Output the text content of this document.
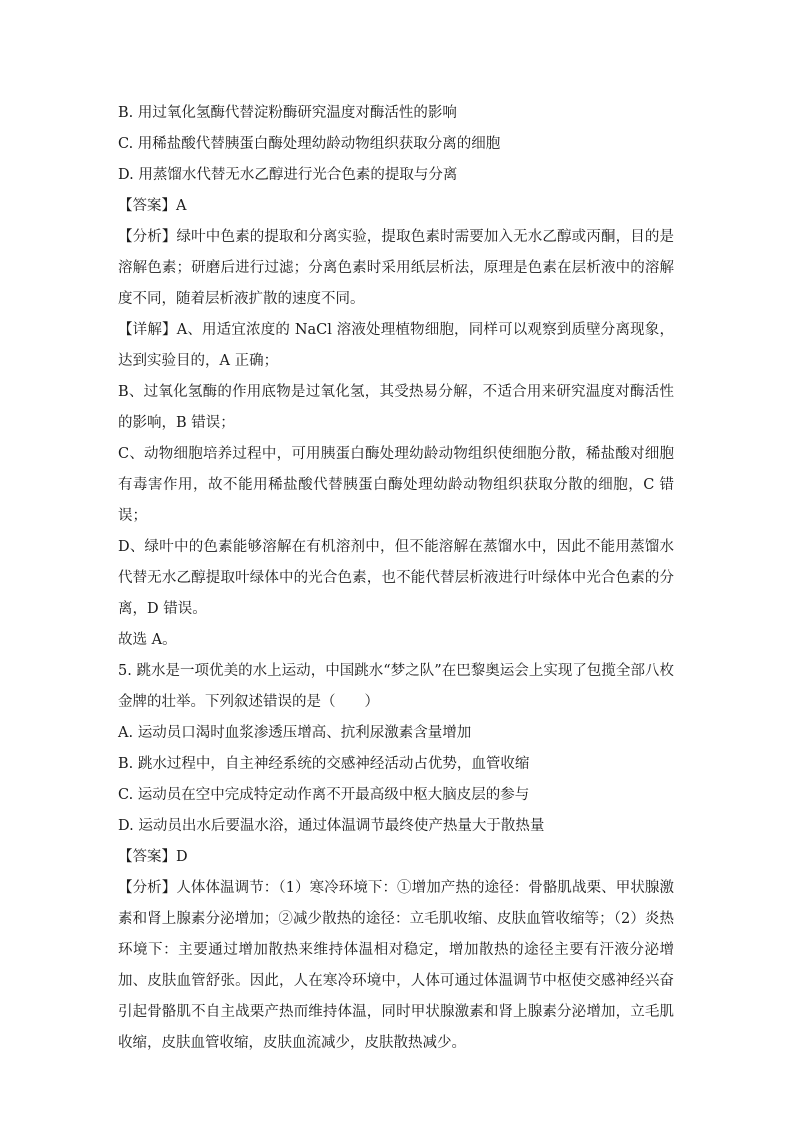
B. 用过氧化氢酶代替淀粉酶研究温度对酶活性的影响

C. 用稀盐酸代替胰蛋白酶处理幼龄动物组织获取分离的细胞

D. 用蒸馏水代替无水乙醇进行光合色素的提取与分离

【答案】A

【分析】绿叶中色素的提取和分离实验，提取色素时需要加入无水乙醇或丙酮，目的是溶解色素；研磨后进行过滤；分离色素时采用纸层析法，原理是色素在层析液中的溶解度不同，随着层析液扩散的速度不同。

【详解】A、用适宜浓度的 NaCl 溶液处理植物细胞，同样可以观察到质壁分离现象，达到实验目的，A 正确；

B、过氧化氢酶的作用底物是过氧化氢，其受热易分解，不适合用来研究温度对酶活性的影响，B 错误；

C、动物细胞培养过程中，可用胰蛋白酶处理幼龄动物组织使细胞分散，稀盐酸对细胞有毒害作用，故不能用稀盐酸代替胰蛋白酶处理幼龄动物组织获取分散的细胞，C 错误；

D、绿叶中的色素能够溶解在有机溶剂中，但不能溶解在蒸馏水中，因此不能用蒸馏水代替无水乙醇提取叶绿体中的光合色素，也不能代替层析液进行叶绿体中光合色素的分离，D 错误。

故选 A。

5. 跳水是一项优美的水上运动，中国跳水“梦之队”在巴黎奥运会上实现了包揽全部八枚金牌的壮举。下列叙述错误的是（　　）

A. 运动员口渴时血浆渗透压增高、抗利尿激素含量增加

B. 跳水过程中，自主神经系统的交感神经活动占优势，血管收缩

C. 运动员在空中完成特定动作离不开最高级中枢大脑皮层的参与

D. 运动员出水后要温水浴，通过体温调节最终使产热量大于散热量

【答案】D

【分析】人体体温调节：（1）寒冷环境下：①增加产热的途径：骨骼肌战栗、甲状腺激素和肾上腺素分泌增加；②减少散热的途径：立毛肌收缩、皮肤血管收缩等；（2）炎热环境下：主要通过增加散热来维持体温相对稳定，增加散热的途径主要有汗液分泌增加、皮肤血管舒张。因此，人在寒冷环境中，人体可通过体温调节中枢使交感神经兴奋引起骨骼肌不自主战栗产热而维持体温，同时甲状腺激素和肾上腺素分泌增加，立毛肌收缩，皮肤血管收缩，皮肤血流减少，皮肤散热减少。
